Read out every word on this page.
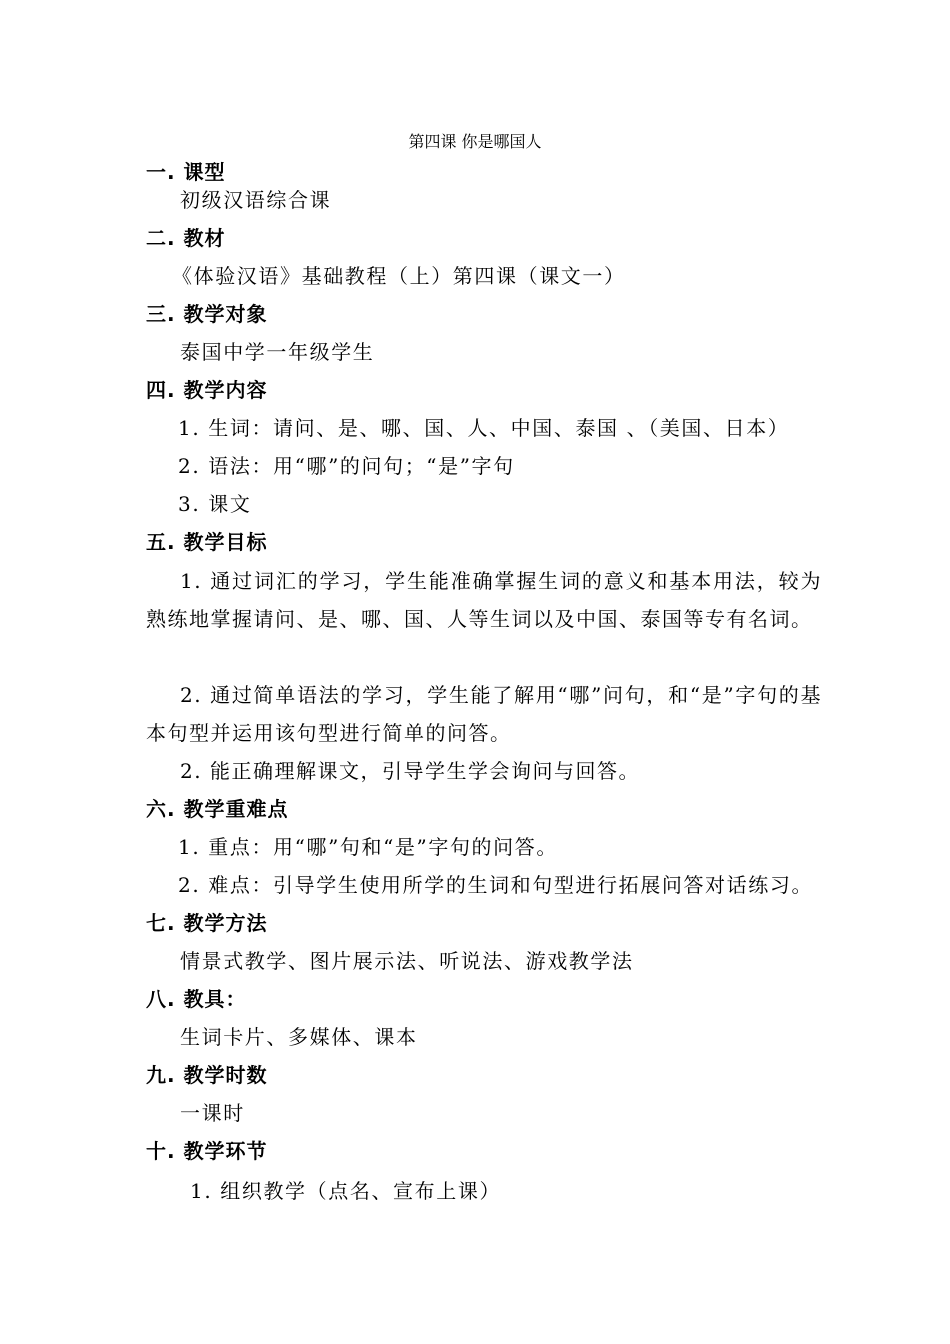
第四课 你是哪国人
一. 课型
初级汉语综合课
二. 教材
《体验汉语》基础教程（上）第四课（课文一）
三. 教学对象
泰国中学一年级学生
四. 教学内容
1. 生词：请问、是、哪、国、人、中国、泰国 、（美国、日本）
2. 语法：用“哪”的问句；“是”字句
3. 课文
五. 教学目标
1. 通过词汇的学习，学生能准确掌握生词的意义和基本用法，较为熟练地掌握请问、是、哪、国、人等生词以及中国、泰国等专有名词。
2. 通过简单语法的学习，学生能了解用“哪”问句，和“是”字句的基本句型并运用该句型进行简单的问答。
2. 能正确理解课文，引导学生学会询问与回答。
六. 教学重难点
1. 重点：用“哪”句和“是”字句的问答。
2. 难点：引导学生使用所学的生词和句型进行拓展问答对话练习。
七. 教学方法
情景式教学、图片展示法、听说法、游戏教学法
八. 教具：
生词卡片、多媒体、课本
九. 教学时数
一课时
十. 教学环节
1. 组织教学（点名、宣布上课）
